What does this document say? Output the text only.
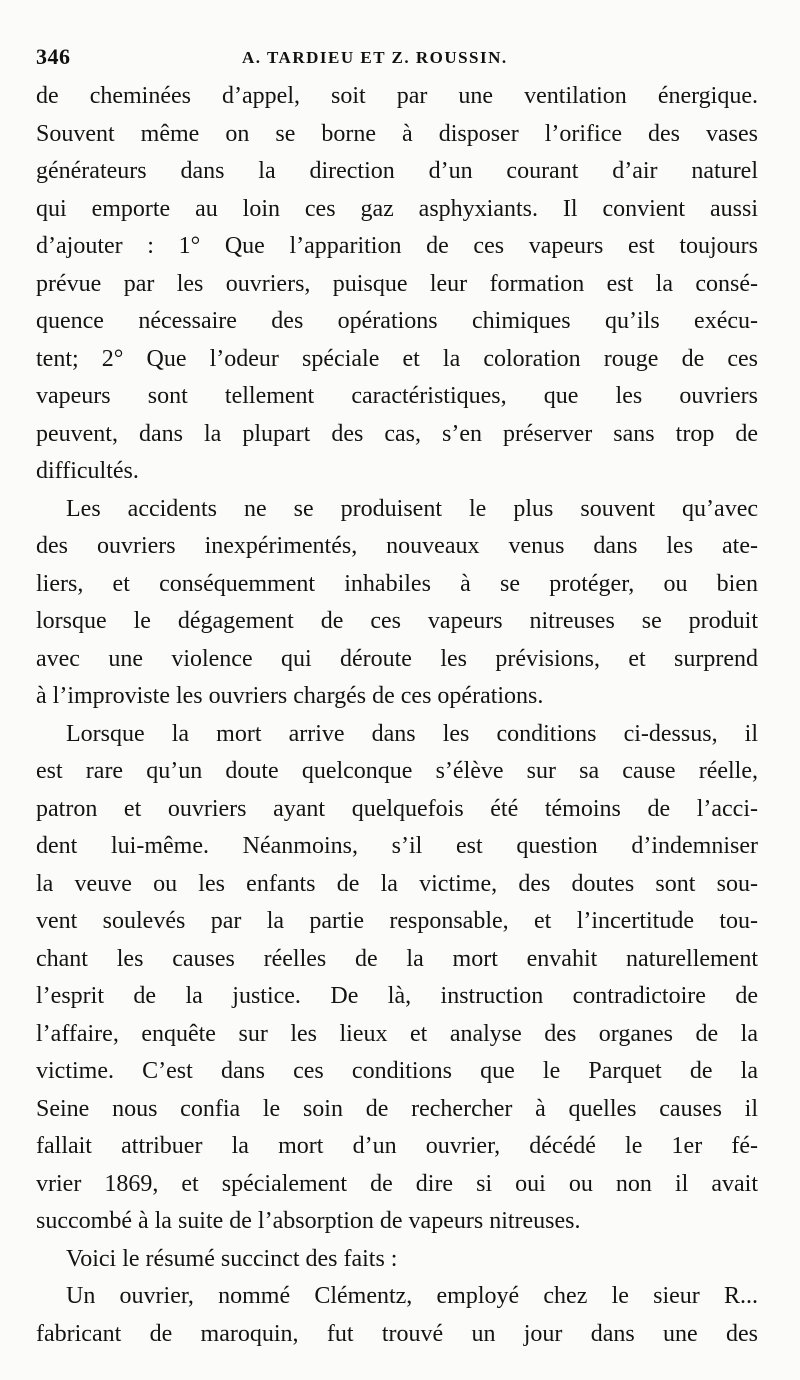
346	A. TARDIEU ET Z. ROUSSIN.
de cheminées d’appel, soit par une ventilation énergique.
Souvent même on se borne à disposer l’orifice des vases
générateurs dans la direction d’un courant d’air naturel
qui emporte au loin ces gaz asphyxiants. Il convient aussi
d’ajouter : 1° Que l’apparition de ces vapeurs est toujours
prévue par les ouvriers, puisque leur formation est la consé-
quence nécessaire des opérations chimiques qu’ils exécu-
tent; 2° Que l’odeur spéciale et la coloration rouge de ces
vapeurs sont tellement caractéristiques, que les ouvriers
peuvent, dans la plupart des cas, s’en préserver sans trop de
difficultés.
Les accidents ne se produisent le plus souvent qu’avec
des ouvriers inexpérimentés, nouveaux venus dans les ate-
liers, et conséquemment inhabiles à se protéger, ou bien
lorsque le dégagement de ces vapeurs nitreuses se produit
avec une violence qui déroute les prévisions, et surprend
à l’improviste les ouvriers chargés de ces opérations.
Lorsque la mort arrive dans les conditions ci-dessus, il
est rare qu’un doute quelconque s’élève sur sa cause réelle,
patron et ouvriers ayant quelquefois été témoins de l’acci-
dent lui-même. Néanmoins, s’il est question d’indemniser
la veuve ou les enfants de la victime, des doutes sont sou-
vent soulevés par la partie responsable, et l’incertitude tou-
chant les causes réelles de la mort envahit naturellement
l’esprit de la justice. De là, instruction contradictoire de
l’affaire, enquête sur les lieux et analyse des organes de la
victime. C’est dans ces conditions que le Parquet de la
Seine nous confia le soin de rechercher à quelles causes il
fallait attribuer la mort d’un ouvrier, décédé le 1er fé-
vrier 1869, et spécialement de dire si oui ou non il avait
succombé à la suite de l’absorption de vapeurs nitreuses.
Voici le résumé succinct des faits :
Un ouvrier, nommé Clémentz, employé chez le sieur R...
fabricant de maroquin, fut trouvé un jour dans une des
